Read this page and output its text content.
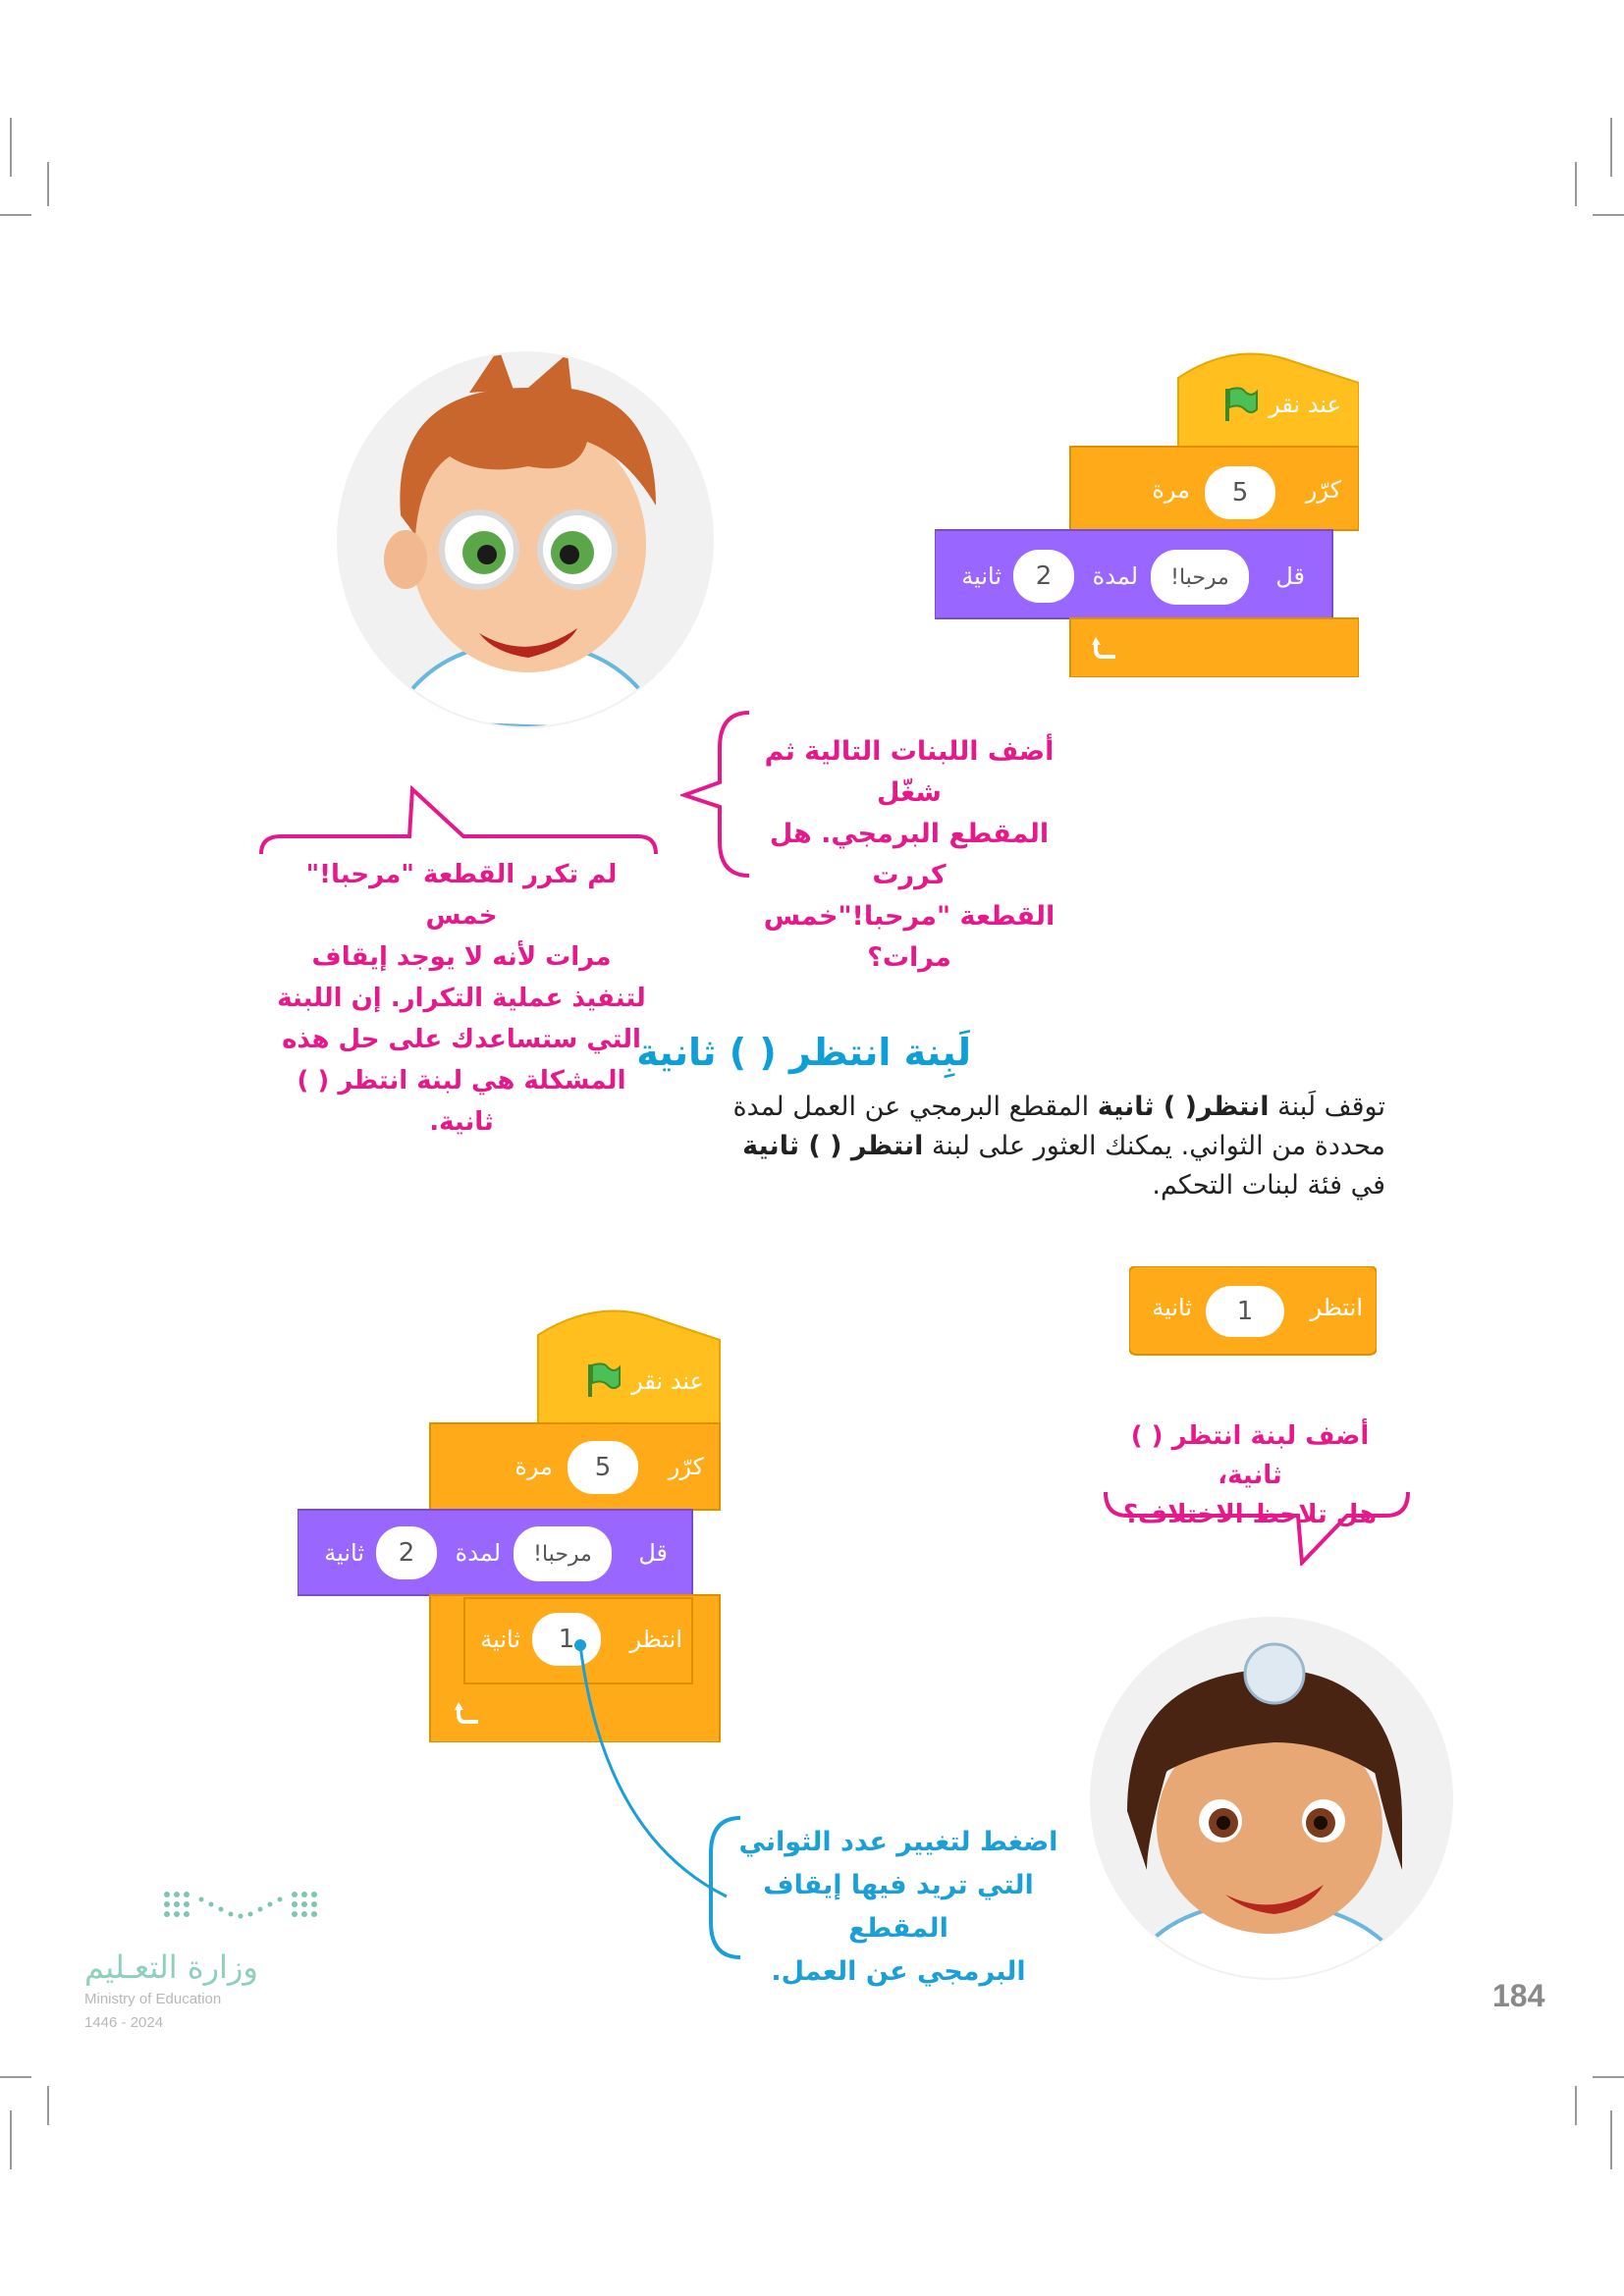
عند نقر
كرّر
5
مرة
قل
مرحبا!
لمدة
2
ثانية
أضف اللبنات التالية ثم شغّل
المقطع البرمجي. هل كررت
القطعة "مرحبا!"خمس مرات؟
لم تكرر القطعة "مرحبا!" خمس
مرات لأنه لا يوجد إيقاف
لتنفيذ عملية التكرار. إن اللبنة
التي ستساعدك على حل هذه
المشكلة هي لبنة انتظر ( ) ثانية.
لَبِنة انتظر ( ) ثانية
توقف لَبنة انتظر( ) ثانية المقطع البرمجي عن العمل لمدة محددة من الثواني. يمكنك العثور على لبنة انتظر ( ) ثانية في فئة لبنات التحكم.
انتظر
1
ثانية
أضف لبنة انتظر ( ) ثانية،
هل تلاحظ الاختلاف؟
عند نقر
كرّر
5
مرة
قل
مرحبا!
لمدة
2
ثانية
انتظر
1
ثانية
اضغط لتغيير عدد الثواني
التي تريد فيها إيقاف المقطع
البرمجي عن العمل.
وزارة التعـليم
Ministry of Education
2024 - 1446
184
